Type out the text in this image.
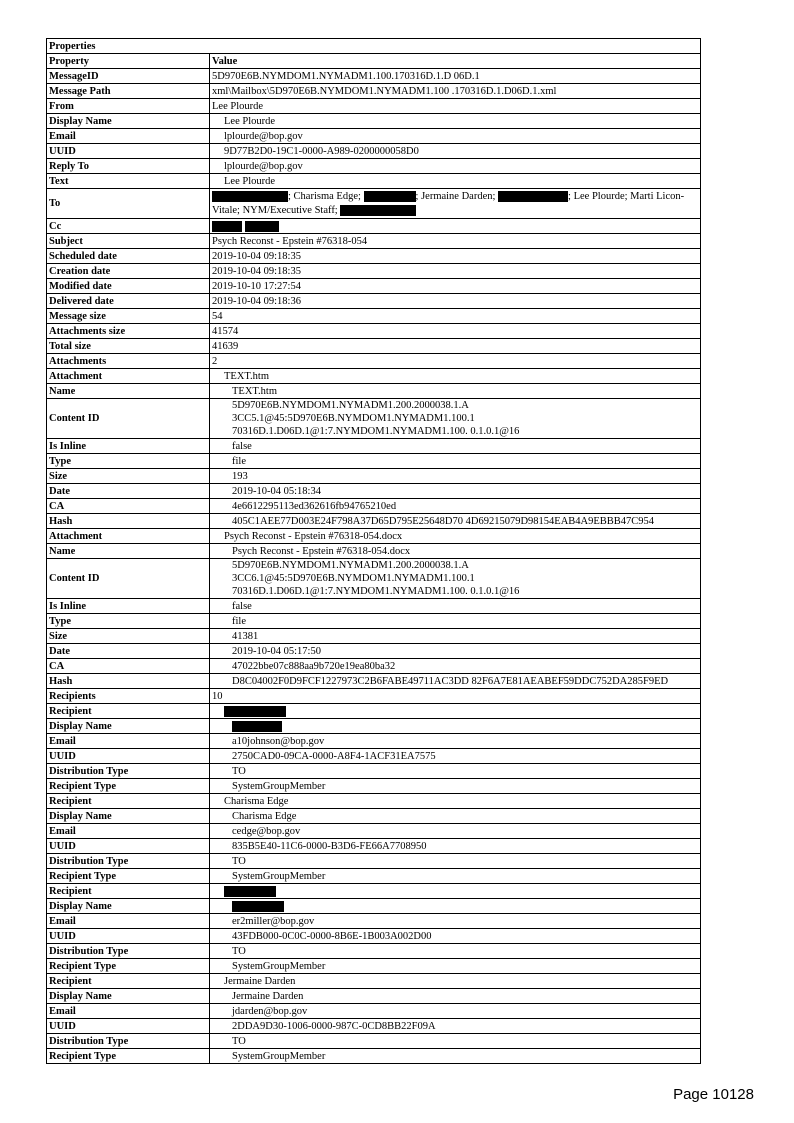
Properties	
Property	Value
MessageID	5D970E6B.NYMDOM1.NYMADM1.100.170316D.1.D 06D.1
Message Path	xml\Mailbox\5D970E6B.NYMDOM1.NYMADM1.100 .170316D.1.D06D.1.xml
From	Lee Plourde
Display Name	Lee Plourde
Email	lplourde@bop.gov
UUID	9D77B2D0-19C1-0000-A989-0200000058D0
Reply To	lplourde@bop.gov
Text	Lee Plourde
To	; Charisma Edge; ; Jermaine Darden; ; Lee Plourde; Marti Licon-
Vitale; NYM/Executive Staff;
Cc	
Subject	Psych Reconst - Epstein #76318-054
Scheduled date	2019-10-04 09:18:35
Creation date	2019-10-04 09:18:35
Modified date	2019-10-10 17:27:54
Delivered date	2019-10-04 09:18:36
Message size	54
Attachments size	41574
Total size	41639
Attachments	2
Attachment	TEXT.htm
Name	TEXT.htm
Content ID	5D970E6B.NYMDOM1.NYMADM1.200.2000038.1.A
3CC5.1@45:5D970E6B.NYMDOM1.NYMADM1.100.1
70316D.1.D06D.1@1:7.NYMDOM1.NYMADM1.100. 0.1.0.1@16

Is Inline	false
Type	file
Size	193
Date	2019-10-04 05:18:34
CA	4e6612295113ed362616fb94765210ed
Hash	405C1AEE77D003E24F798A37D65D795E25648D70 4D69215079D98154EAB4A9EBBB47C954
Attachment	Psych Reconst - Epstein #76318-054.docx
Name	Psych Reconst - Epstein #76318-054.docx
Content ID	5D970E6B.NYMDOM1.NYMADM1.200.2000038.1.A
3CC6.1@45:5D970E6B.NYMDOM1.NYMADM1.100.1
70316D.1.D06D.1@1:7.NYMDOM1.NYMADM1.100. 0.1.0.1@16

Is Inline	false
Type	file
Size	41381
Date	2019-10-04 05:17:50
CA	47022bbe07c888aa9b720e19ea80ba32
Hash	D8C04002F0D9FCF1227973C2B6FABE49711AC3DD 82F6A7E81AEABEF59DDC752DA285F9ED
Recipients	10
Recipient	
Display Name	
Email	a10johnson@bop.gov
UUID	2750CAD0-09CA-0000-A8F4-1ACF31EA7575
Distribution Type	TO
Recipient Type	SystemGroupMember
Recipient	Charisma Edge
Display Name	Charisma Edge
Email	cedge@bop.gov
UUID	835B5E40-11C6-0000-B3D6-FE66A7708950
Distribution Type	TO
Recipient Type	SystemGroupMember
Recipient	
Display Name	
Email	er2miller@bop.gov
UUID	43FDB000-0C0C-0000-8B6E-1B003A002D00
Distribution Type	TO
Recipient Type	SystemGroupMember
Recipient	Jermaine Darden
Display Name	Jermaine Darden
Email	jdarden@bop.gov
UUID	2DDA9D30-1006-0000-987C-0CD8BB22F09A
Distribution Type	TO
Recipient Type	SystemGroupMember
Page 10128
